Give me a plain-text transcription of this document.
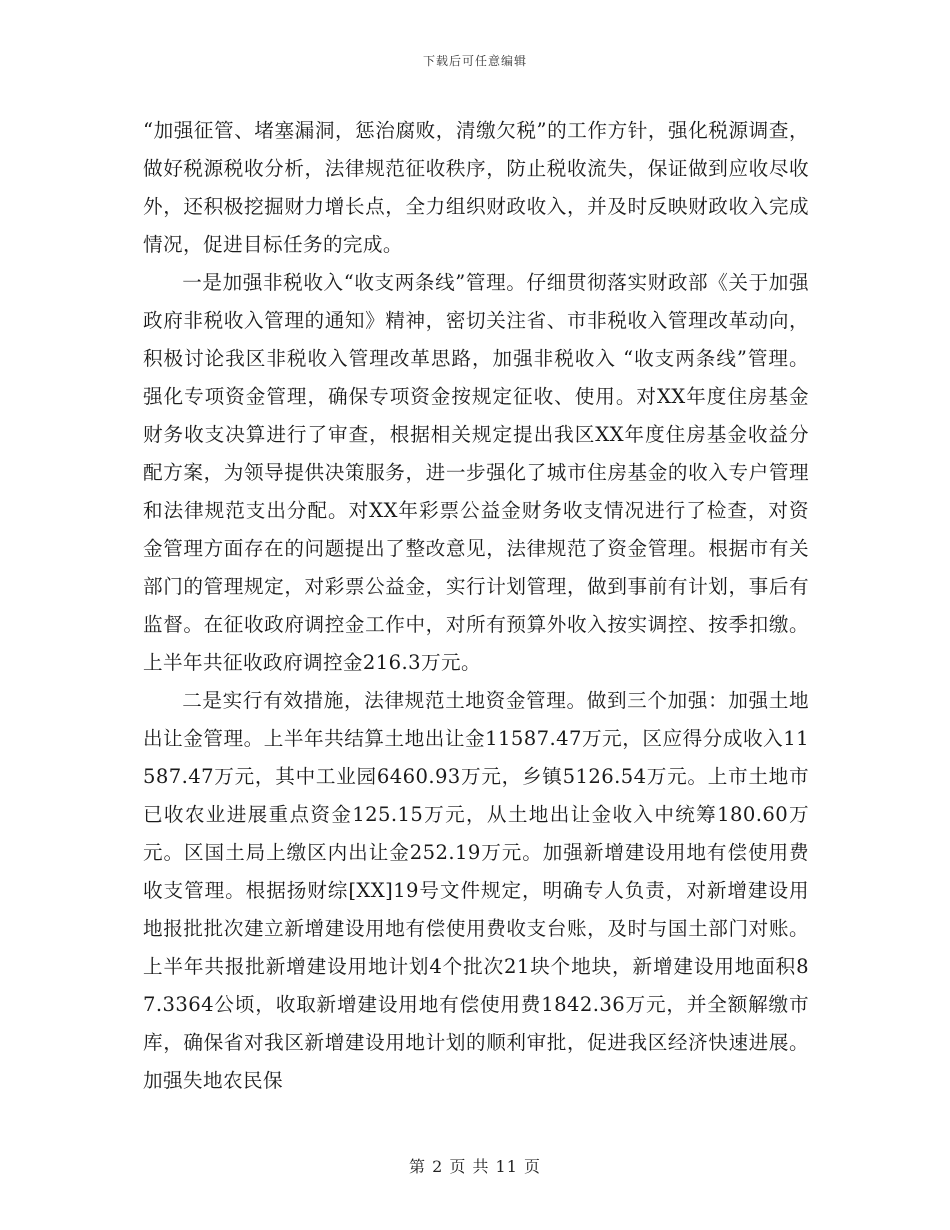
下载后可任意编辑

“加强征管、堵塞漏洞，惩治腐败，清缴欠税”的工作方针，强化税源调查，做好税源税收分析，法律规范征收秩序，防止税收流失，保证做到应收尽收外，还积极挖掘财力增长点，全力组织财政收入，并及时反映财政收入完成情况，促进目标任务的完成。

一是加强非税收入“收支两条线”管理。仔细贯彻落实财政部《关于加强政府非税收入管理的通知》精神，密切关注省、市非税收入管理改革动向，积极讨论我区非税收入管理改革思路，加强非税收入 “收支两条线”管理。强化专项资金管理，确保专项资金按规定征收、使用。对XX年度住房基金财务收支决算进行了审查，根据相关规定提出我区XX年度住房基金收益分配方案，为领导提供决策服务，进一步强化了城市住房基金的收入专户管理和法律规范支出分配。对XX年彩票公益金财务收支情况进行了检查，对资金管理方面存在的问题提出了整改意见，法律规范了资金管理。根据市有关部门的管理规定，对彩票公益金，实行计划管理，做到事前有计划，事后有监督。在征收政府调控金工作中，对所有预算外收入按实调控、按季扣缴。上半年共征收政府调控金216.3万元。

二是实行有效措施，法律规范土地资金管理。做到三个加强：加强土地出让金管理。上半年共结算土地出让金11587.47万元，区应得分成收入11587.47万元，其中工业园6460.93万元，乡镇5126.54万元。上市土地市已收农业进展重点资金125.15万元，从土地出让金收入中统筹180.60万元。区国土局上缴区内出让金252.19万元。加强新增建设用地有偿使用费收支管理。根据扬财综[XX]19号文件规定，明确专人负责，对新增建设用地报批批次建立新增建设用地有偿使用费收支台账，及时与国土部门对账。上半年共报批新增建设用地计划4个批次21块个地块，新增建设用地面积87.3364公顷，收取新增建设用地有偿使用费1842.36万元，并全额解缴市库，确保省对我区新增建设用地计划的顺利审批，促进我区经济快速进展。加强失地农民保

第 2 页 共 11 页
